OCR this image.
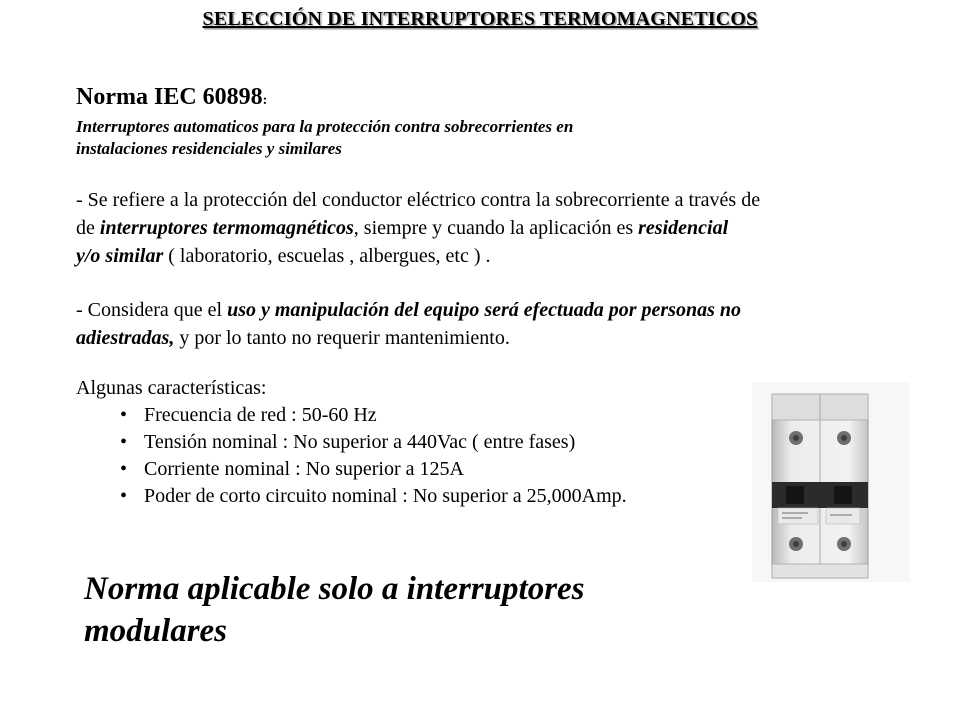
SELECCIÓN DE INTERRUPTORES TERMOMAGNETICOS

Norma IEC 60898:

Interruptores automaticos para la protección contra sobrecorrientes en

instalaciones residenciales y similares

- Se refiere a la protección del conductor eléctrico contra la sobrecorriente a través de

de interruptores termomagnéticos, siempre y cuando la aplicación es residencial

y/o similar ( laboratorio, escuelas , albergues, etc ) .

- Considera que el uso y manipulación del equipo será efectuada por personas no

adiestradas, y por lo tanto no requerir mantenimiento.

Algunas características:

• Frecuencia de red : 50-60 Hz
• Tensión nominal : No superior a 440Vac ( entre fases)
• Corriente nominal : No superior a 125A
• Poder de corto circuito nominal : No superior a 25,000Amp.
Norma aplicable solo a interruptores
modulares
